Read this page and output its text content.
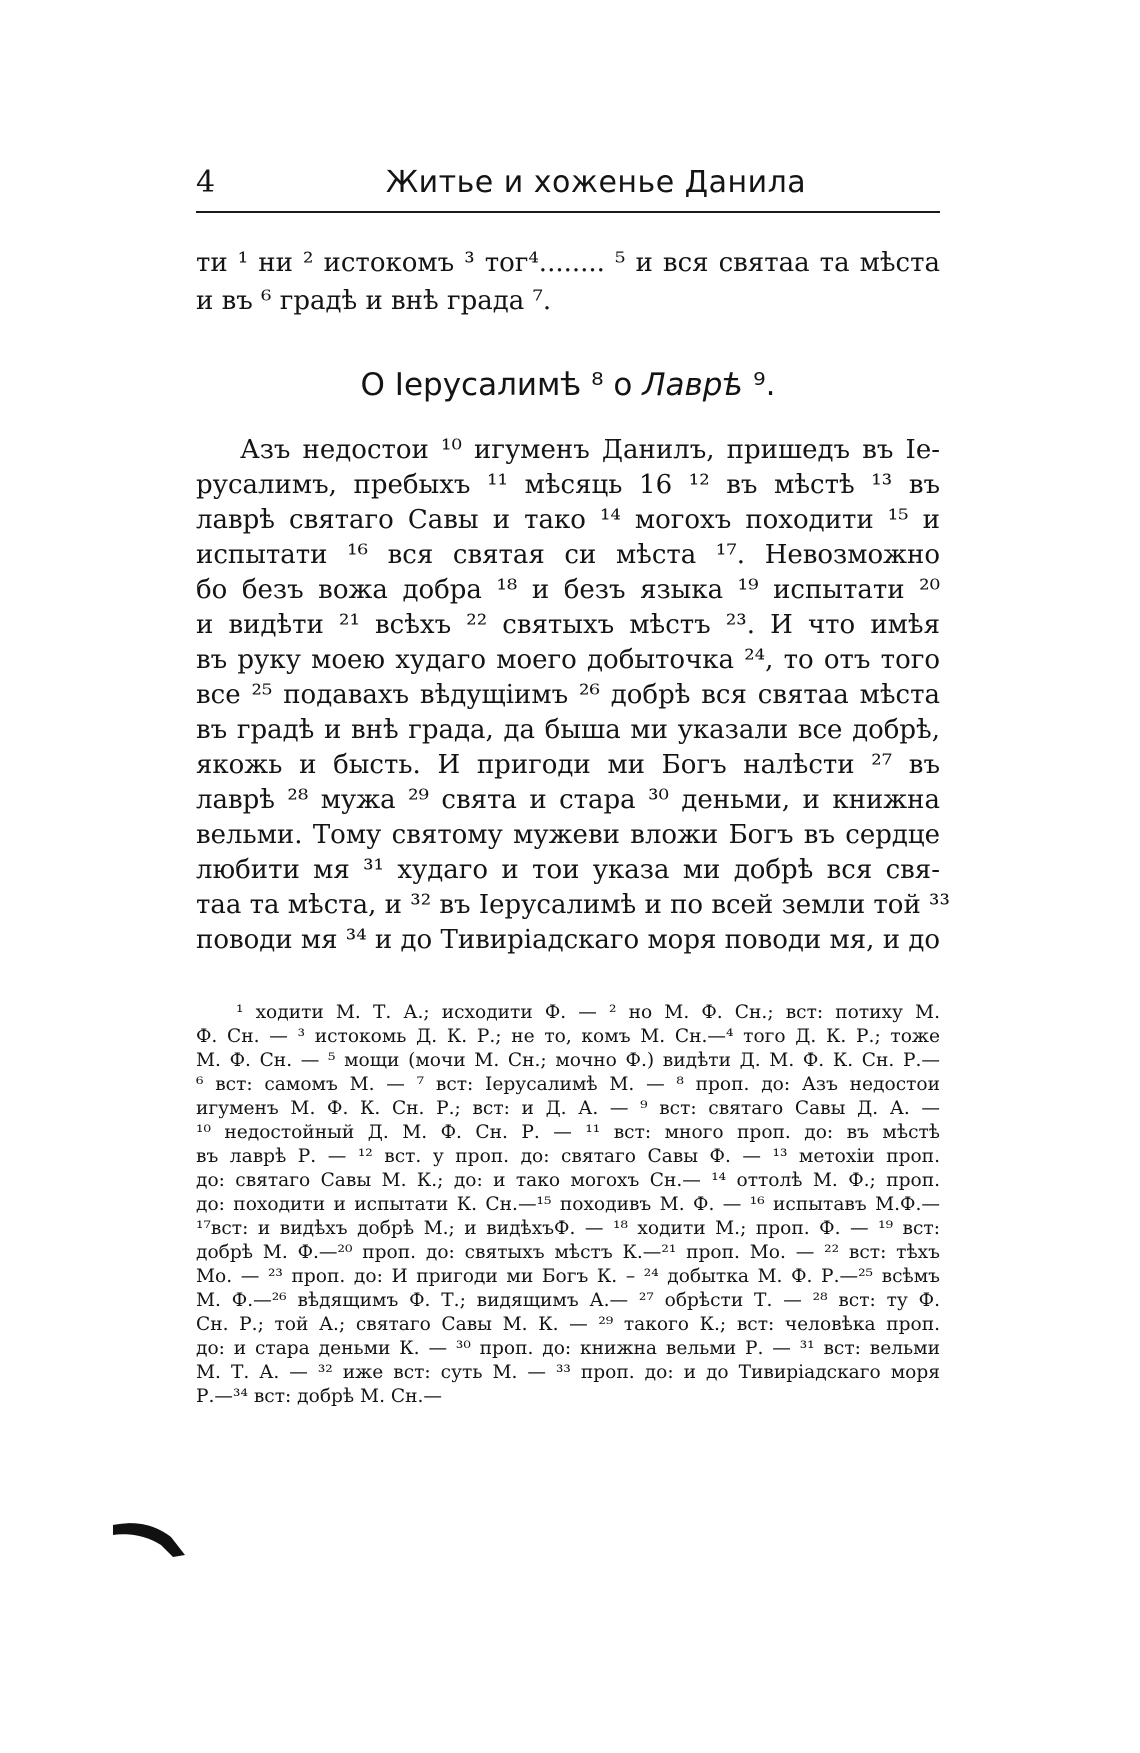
4	Житье и хожeнье Данила
ти ¹ ни ² истокомъ ³ тог⁴........ ⁵ и вся святаа та мѣста
и въ ⁶ градѣ и внѣ града ⁷.
О Іерусалимѣ ⁸ о Лаврѣ ⁹.
Азъ недостои ¹⁰ игуменъ Данилъ, пришедъ въ Іе-
русалимъ, пребыхъ ¹¹ мѣсяць 16 ¹² въ мѣстѣ ¹³ въ
лаврѣ святаго Савы и тако ¹⁴ могохъ походити ¹⁵ и
испытати ¹⁶ вся святая си мѣста ¹⁷. Невозможно
бо безъ вожа добра ¹⁸ и безъ языка ¹⁹ испытати ²⁰
и видѣти ²¹ всѣхъ ²² святыхъ мѣстъ ²³. И что имѣя
въ руку моею худаго моего добыточка ²⁴, то отъ того
все ²⁵ подавахъ вѣдущіимъ ²⁶ добрѣ вся святаа мѣста
въ градѣ и внѣ града, да быша ми указали все добрѣ,
якожь и бысть. И пригоди ми Богъ налѣсти ²⁷ въ
лаврѣ ²⁸ мужа ²⁹ свята и стара ³⁰ деньми, и книжна
вельми. Тому святому мужеви вложи Богъ въ сердце
любити мя ³¹ худаго и тои указа ми добрѣ вся свя-
таа та мѣста, и ³² въ Іерусалимѣ и по всей земли той ³³
поводи мя ³⁴ и до Тивиріадскаго моря поводи мя, и до
¹ ходити М. Т. А.; исходити Ф. — ² но М. Ф. Сн.; вст: потиху М.
Ф. Сн. — ³ истокомь Д. К. Р.; не то, комъ М. Сн.—⁴ того Д. К. Р.; тоже
М. Ф. Сн. — ⁵ мощи (мочи М. Сн.; мочно Ф.) видѣти Д. М. Ф. К. Сн. Р.—
⁶ вст: самомъ М. — ⁷ вст: Іерусалимѣ М. — ⁸ проп. до: Азъ недостои
игуменъ М. Ф. К. Сн. Р.; вст: и Д. А. — ⁹ вст: святаго Савы Д. А. —
¹⁰ недостойный Д. М. Ф. Сн. Р. — ¹¹ вст: много проп. до: въ мѣстѣ
въ лаврѣ Р. — ¹² вст. у проп. до: святаго Савы Ф. — ¹³ метохіи проп.
до: святаго Савы М. К.; до: и тако могохъ Сн.— ¹⁴ оттолѣ М. Ф.; проп.
до: походити и испытати К. Сн.—¹⁵ походивъ М. Ф. — ¹⁶ испытавъ М.Ф.—
¹⁷вст: и видѣхъ добрѣ М.; и видѣхъФ. — ¹⁸ ходити М.; проп. Ф. — ¹⁹ вст:
добрѣ М. Ф.—²⁰ проп. до: святыхъ мѣстъ К.—²¹ проп. Мо. — ²² вст: тѣхъ
Мо. — ²³ проп. до: И пригоди ми Богъ К. – ²⁴ добытка М. Ф. Р.—²⁵ всѣмъ
М. Ф.—²⁶ вѣдящимъ Ф. Т.; видящимъ А.— ²⁷ обрѣсти Т. — ²⁸ вст: ту Ф.
Сн. Р.; той А.; святаго Савы М. К. — ²⁹ такого К.; вст: человѣка проп.
до: и стара деньми К. — ³⁰ проп. до: книжна вельми Р. — ³¹ вст: вельми
М. Т. А. — ³² иже вст: суть М. — ³³ проп. до: и до Тивиріадскаго моря
Р.—³⁴ вст: добрѣ М. Сн.—
